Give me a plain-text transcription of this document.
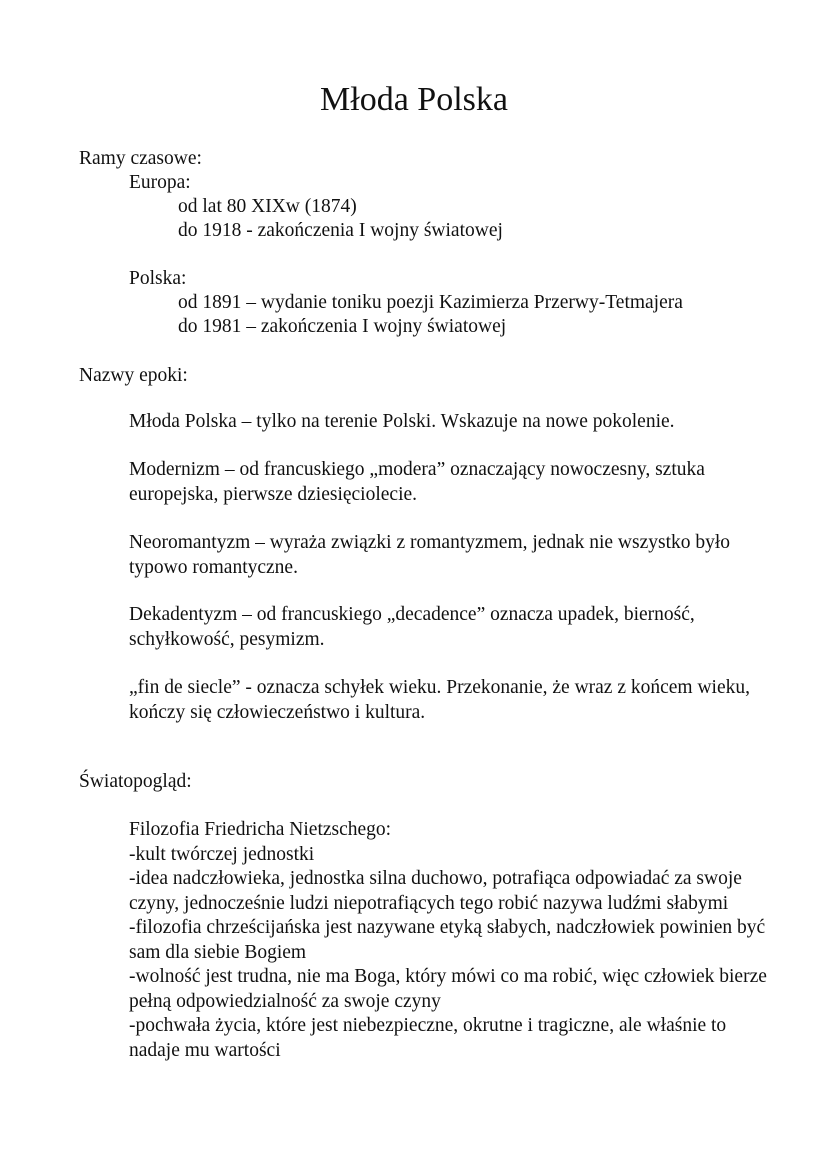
Młoda Polska

Ramy czasowe:

Europa:

od lat 80 XIXw (1874)

do 1918 - zakończenia I wojny światowej

Polska:

od 1891 – wydanie toniku poezji Kazimierza Przerwy-Tetmajera

do 1981 – zakończenia I wojny światowej

Nazwy epoki:

Młoda Polska – tylko na terenie Polski. Wskazuje na nowe pokolenie.

Modernizm – od francuskiego „modera” oznaczający nowoczesny, sztuka europejska, pierwsze dziesięciolecie.

Neoromantyzm – wyraża związki z romantyzmem, jednak nie wszystko było typowo romantyczne.

Dekadentyzm – od francuskiego „decadence” oznacza upadek, bierność, schyłkowość, pesymizm.

„fin de siecle” - oznacza schyłek wieku. Przekonanie, że wraz z końcem wieku, kończy się człowieczeństwo i kultura.

Światopogląd:

Filozofia Friedricha Nietzschego:
-kult twórczej jednostki
-idea nadczłowieka, jednostka silna duchowo, potrafiąca odpowiadać za swoje czyny, jednocześnie ludzi niepotrafiących tego robić nazywa ludźmi słabymi
-filozofia chrześcijańska jest nazywane etyką słabych, nadczłowiek powinien być sam dla siebie Bogiem
-wolność jest trudna, nie ma Boga, który mówi co ma robić, więc człowiek bierze pełną odpowiedzialność za swoje czyny
-pochwała życia, które jest niebezpieczne, okrutne i tragiczne, ale właśnie to nadaje mu wartości
